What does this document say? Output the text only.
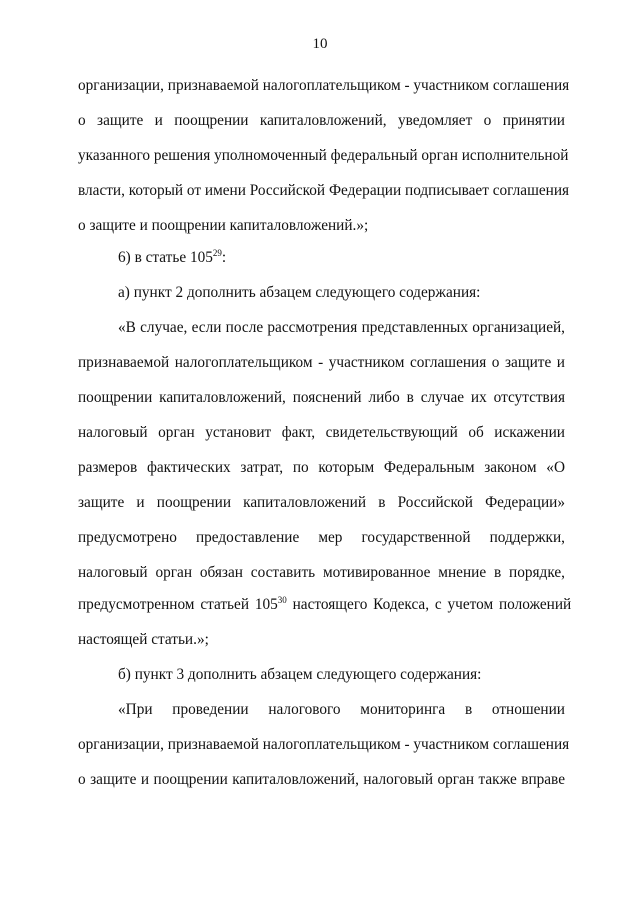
10
организации, признаваемой налогоплательщиком - участником соглашения
о защите и поощрении капиталовложений, уведомляет о принятии
указанного решения уполномоченный федеральный орган исполнительной
власти, который от имени Российской Федерации подписывает соглашения
о защите и поощрении капиталовложений.»;
6) в статье $105^{29}$:
а) пункт 2 дополнить абзацем следующего содержания:
«В случае, если после рассмотрения представленных организацией,
признаваемой налогоплательщиком - участником соглашения о защите и
поощрении капиталовложений, пояснений либо в случае их отсутствия
налоговый орган установит факт, свидетельствующий об искажении
размеров фактических затрат, по которым Федеральным законом «О
защите и поощрении капиталовложений в Российской Федерации»
предусмотрено предоставление мер государственной поддержки,
налоговый орган обязан составить мотивированное мнение в порядке,
предусмотренном статьей $105^{30}$ настоящего Кодекса, с учетом положений
настоящей статьи.»;
б) пункт 3 дополнить абзацем следующего содержания:
«При проведении налогового мониторинга в отношении
организации, признаваемой налогоплательщиком - участником соглашения
о защите и поощрении капиталовложений, налоговый орган также вправе
